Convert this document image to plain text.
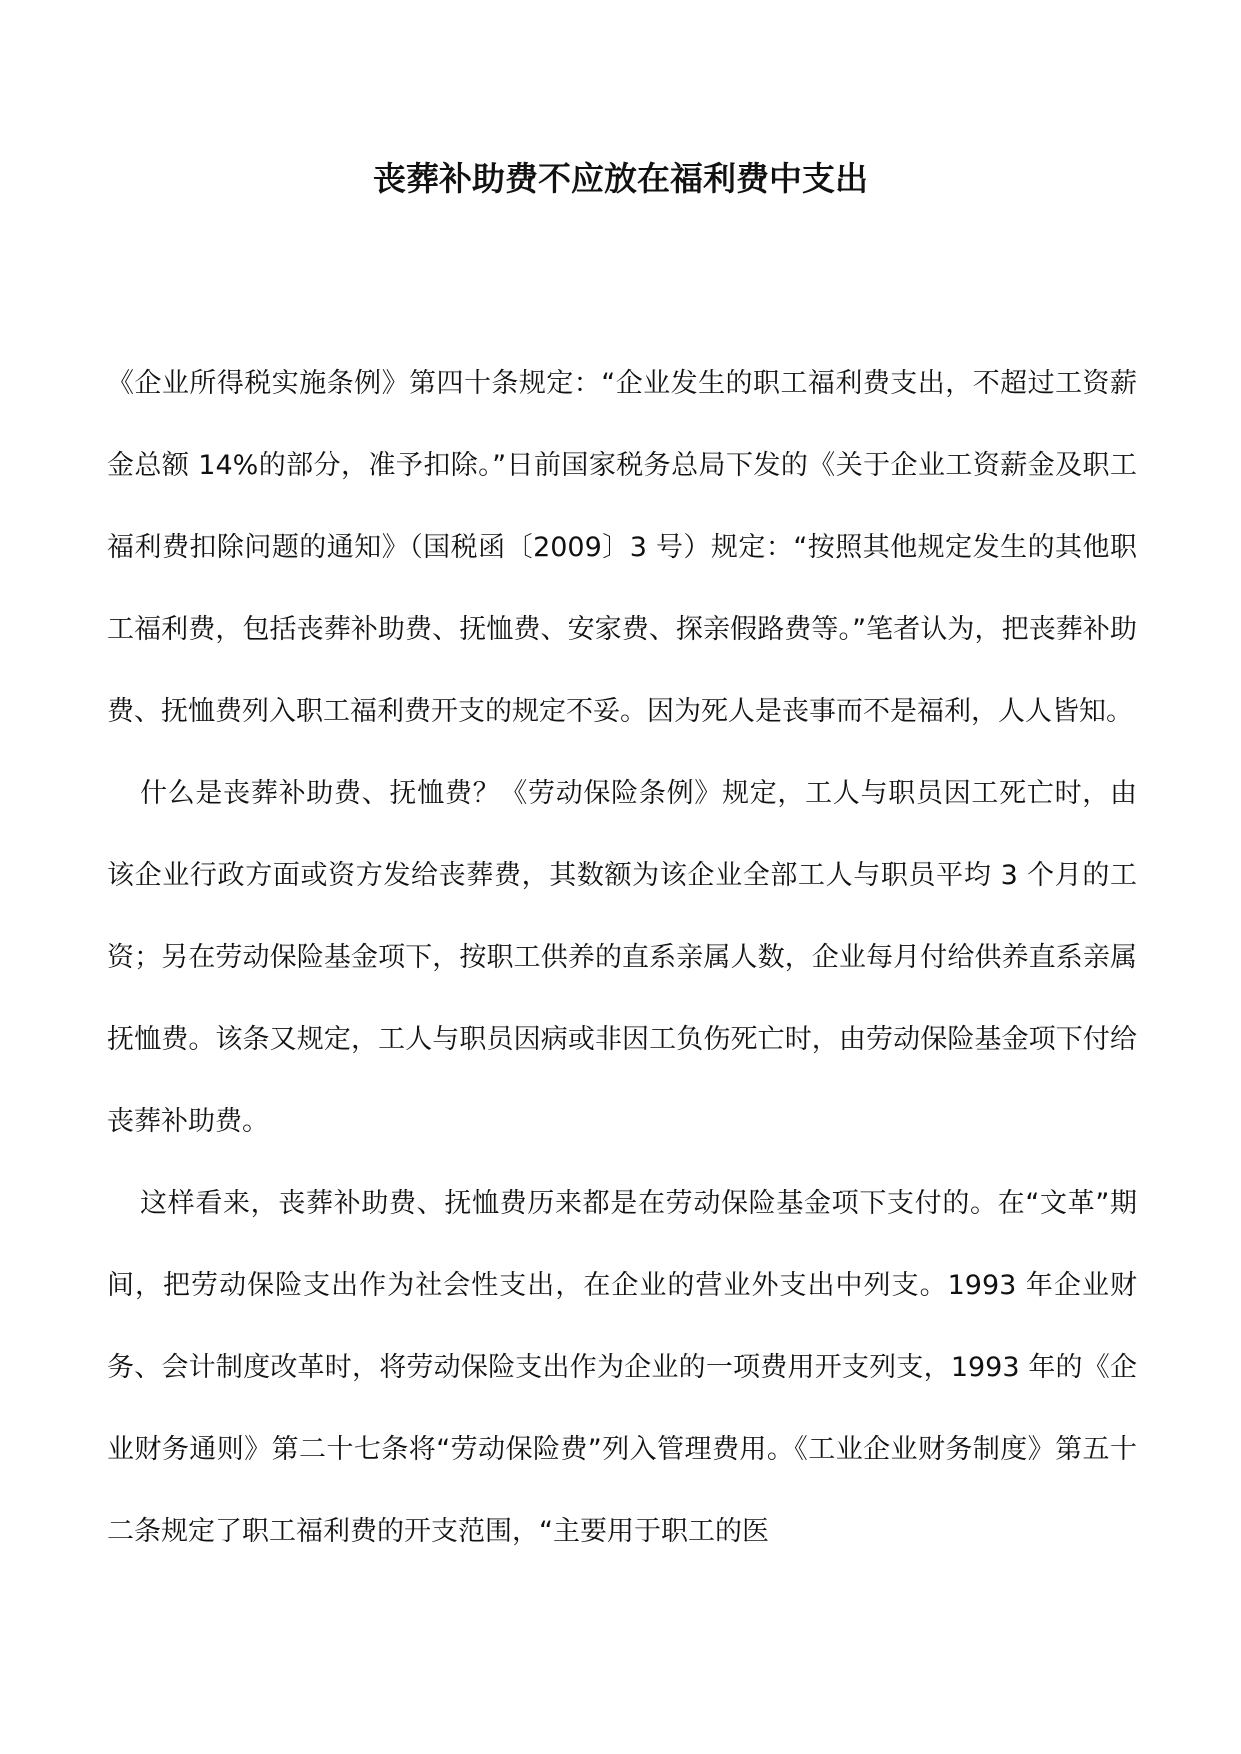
丧葬补助费不应放在福利费中支出

《企业所得税实施条例》第四十条规定：“企业发生的职工福利费支出，不超过工资薪金总额 14%的部分，准予扣除。”日前国家税务总局下发的《关于企业工资薪金及职工福利费扣除问题的通知》（国税函〔2009〕3 号）规定：“按照其他规定发生的其他职工福利费，包括丧葬补助费、抚恤费、安家费、探亲假路费等。”笔者认为，把丧葬补助费、抚恤费列入职工福利费开支的规定不妥。因为死人是丧事而不是福利，人人皆知。

什么是丧葬补助费、抚恤费？《劳动保险条例》规定，工人与职员因工死亡时，由该企业行政方面或资方发给丧葬费，其数额为该企业全部工人与职员平均 3 个月的工资；另在劳动保险基金项下，按职工供养的直系亲属人数，企业每月付给供养直系亲属抚恤费。该条又规定，工人与职员因病或非因工负伤死亡时，由劳动保险基金项下付给丧葬补助费。

这样看来，丧葬补助费、抚恤费历来都是在劳动保险基金项下支付的。在“文革”期间，把劳动保险支出作为社会性支出，在企业的营业外支出中列支。1993 年企业财务、会计制度改革时，将劳动保险支出作为企业的一项费用开支列支，1993 年的《企业财务通则》第二十七条将“劳动保险费”列入管理费用。《工业企业财务制度》第五十二条规定了职工福利费的开支范围，“主要用于职工的医
